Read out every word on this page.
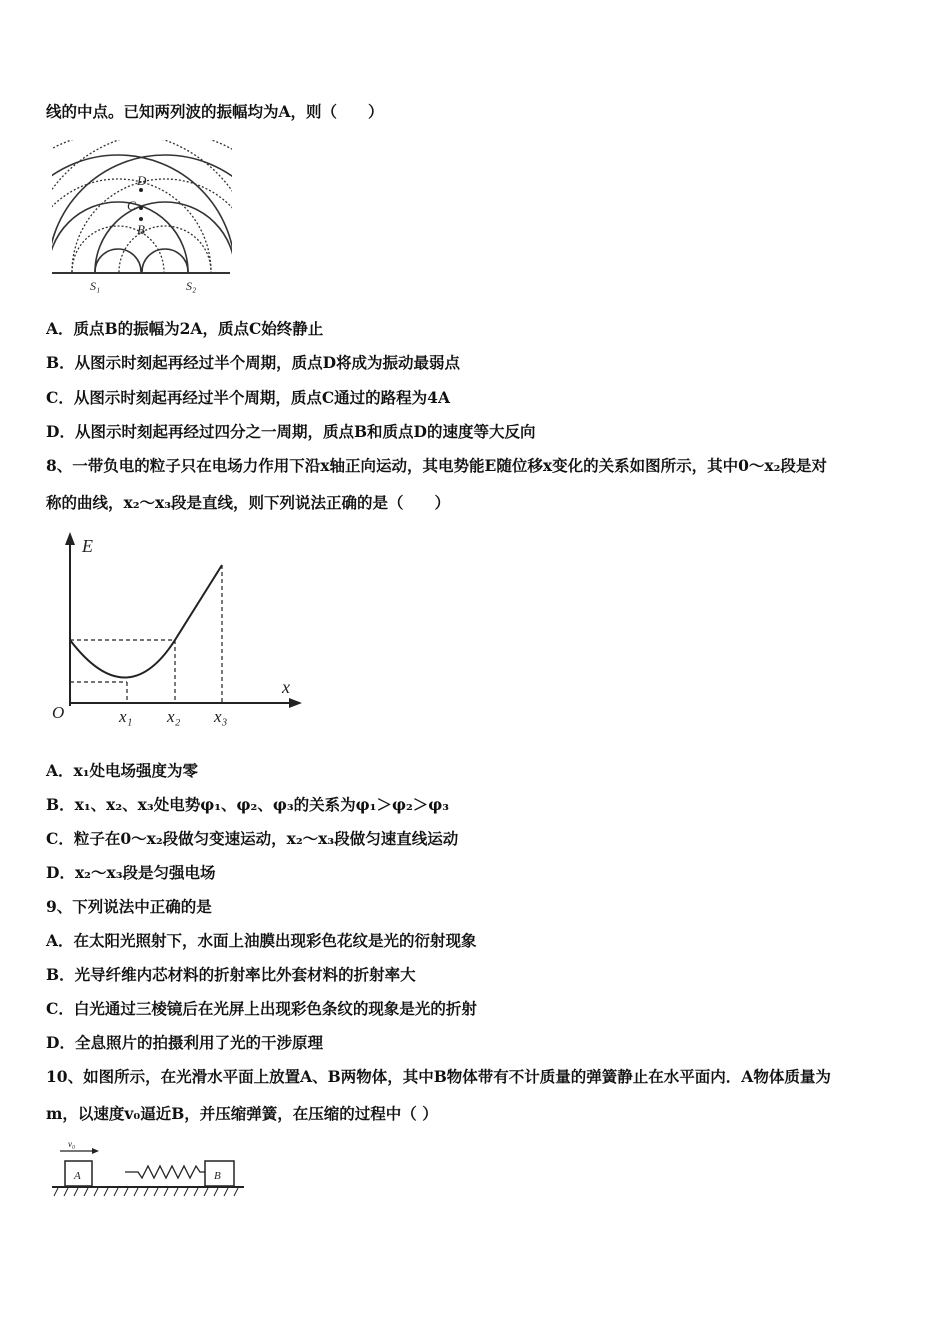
线的中点。已知两列波的振幅均为A，则（　　）
D
C
B
S₁	S₂
A．质点B的振幅为2A，质点C始终静止
B．从图示时刻起再经过半个周期，质点D将成为振动最弱点
C．从图示时刻起再经过半个周期，质点C通过的路程为4A
D．从图示时刻起再经过四分之一周期，质点B和质点D的速度等大反向
8、一带负电的粒子只在电场力作用下沿x轴正向运动，其电势能E随位移x变化的关系如图所示，其中0～x₂段是对
称的曲线，x₂～x₃段是直线，则下列说法正确的是（　　）
E
x
O	x₁ x₂ x₃
A．x₁处电场强度为零
B．x₁、x₂、x₃处电势φ₁、φ₂、φ₃的关系为φ₁＞φ₂＞φ₃
C．粒子在0～x₂段做匀变速运动，x₂～x₃段做匀速直线运动
D．x₂～x₃段是匀强电场
9、下列说法中正确的是
A．在太阳光照射下，水面上油膜出现彩色花纹是光的衍射现象
B．光导纤维内芯材料的折射率比外套材料的折射率大
C．白光通过三棱镜后在光屏上出现彩色条纹的现象是光的折射
D．全息照片的拍摄利用了光的干涉原理
10、如图所示，在光滑水平面上放置A、B两物体，其中B物体带有不计质量的弹簧静止在水平面内．A物体质量为
m，以速度v₀逼近B，并压缩弹簧，在压缩的过程中（ ）
v₀
A	B
